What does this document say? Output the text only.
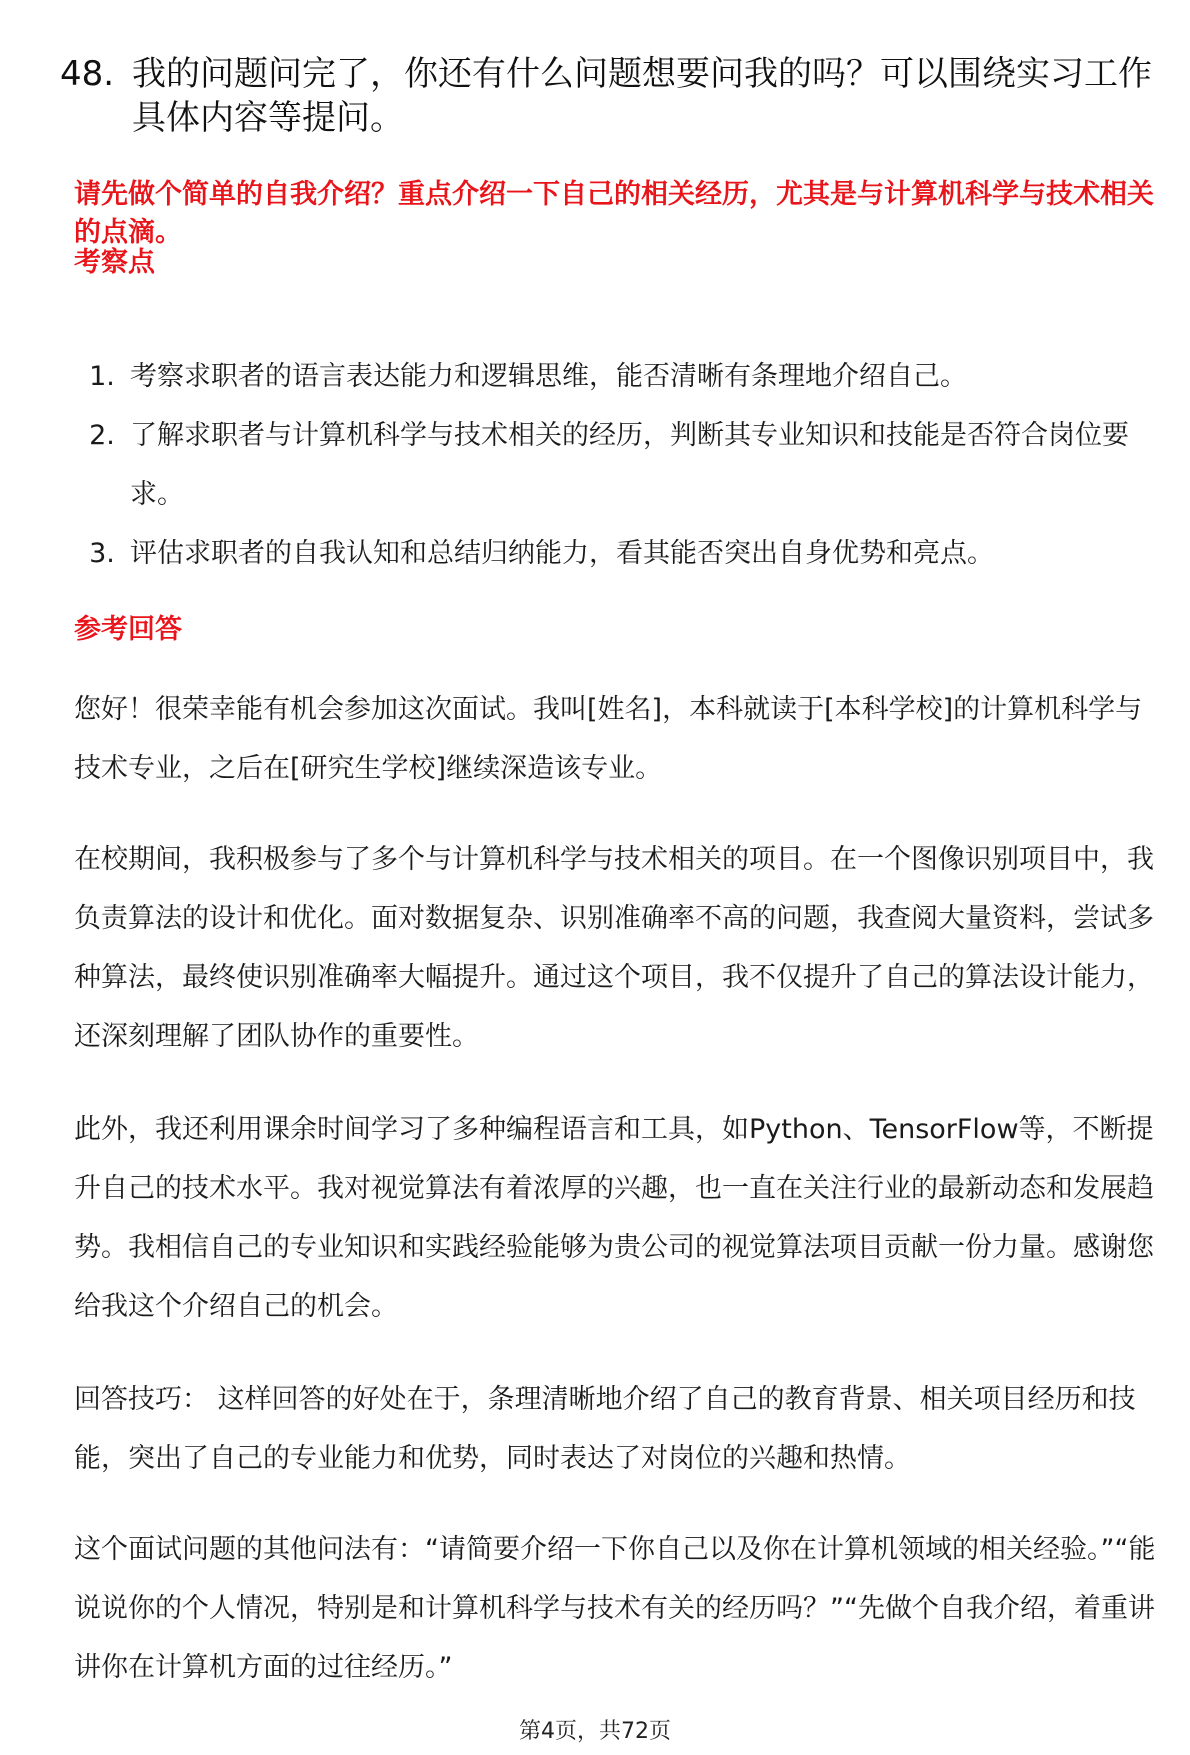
48. 我的问题问完了，你还有什么问题想要问我的吗？可以围绕实习工作具体内容等提问。
请先做个简单的自我介绍？重点介绍一下自己的相关经历，尤其是与计算机科学与技术相关的点滴。
考察点
1. 考察求职者的语言表达能力和逻辑思维，能否清晰有条理地介绍自己。
2. 了解求职者与计算机科学与技术相关的经历，判断其专业知识和技能是否符合岗位要求。
3. 评估求职者的自我认知和总结归纳能力，看其能否突出自身优势和亮点。
参考回答

您好！很荣幸能有机会参加这次面试。我叫[姓名]，本科就读于[本科学校]的计算机科学与技术专业，之后在[研究生学校]继续深造该专业。

在校期间，我积极参与了多个与计算机科学与技术相关的项目。在一个图像识别项目中，我负责算法的设计和优化。面对数据复杂、识别准确率不高的问题，我查阅大量资料，尝试多种算法，最终使识别准确率大幅提升。通过这个项目，我不仅提升了自己的算法设计能力，还深刻理解了团队协作的重要性。

此外，我还利用课余时间学习了多种编程语言和工具，如Python、TensorFlow等，不断提升自己的技术水平。我对视觉算法有着浓厚的兴趣，也一直在关注行业的最新动态和发展趋势。我相信自己的专业知识和实践经验能够为贵公司的视觉算法项目贡献一份力量。感谢您给我这个介绍自己的机会。

回答技巧： 这样回答的好处在于，条理清晰地介绍了自己的教育背景、相关项目经历和技能，突出了自己的专业能力和优势，同时表达了对岗位的兴趣和热情。

这个面试问题的其他问法有：“请简要介绍一下你自己以及你在计算机领域的相关经验。”“能说说你的个人情况，特别是和计算机科学与技术有关的经历吗？”“先做个自我介绍，着重讲讲你在计算机方面的过往经历。”

第4页，共72页
